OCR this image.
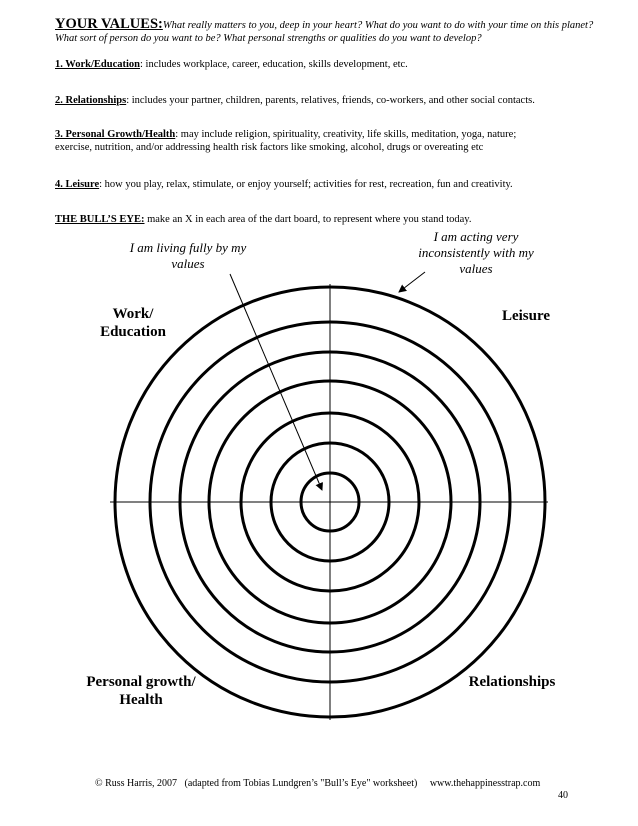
YOUR VALUES:What really matters to you, deep in your heart? What do you want to do with your time on this planet? What sort of person do you want to be? What personal strengths or qualities do you want to develop?
1. Work/Education: includes workplace, career, education, skills development, etc.
2. Relationships: includes your partner, children, parents, relatives, friends, co-workers, and other social contacts.
3. Personal Growth/Health: may include religion, spirituality, creativity, life skills, meditation, yoga, nature; exercise, nutrition, and/or addressing health risk factors like smoking, alcohol, drugs or overeating etc
4. Leisure: how you play, relax, stimulate, or enjoy yourself; activities for rest, recreation, fun and creativity.
THE BULL’S EYE: make an X in each area of the dart board, to represent where you stand today.
I am living fully by my values
I am acting very inconsistently with my values
Work/ Education
Leisure
Personal growth/ Health
Relationships
© Russ Harris, 2007   (adapted from Tobias Lundgren’s "Bull’s Eye" worksheet)     www.thehappinesstrap.com
40
